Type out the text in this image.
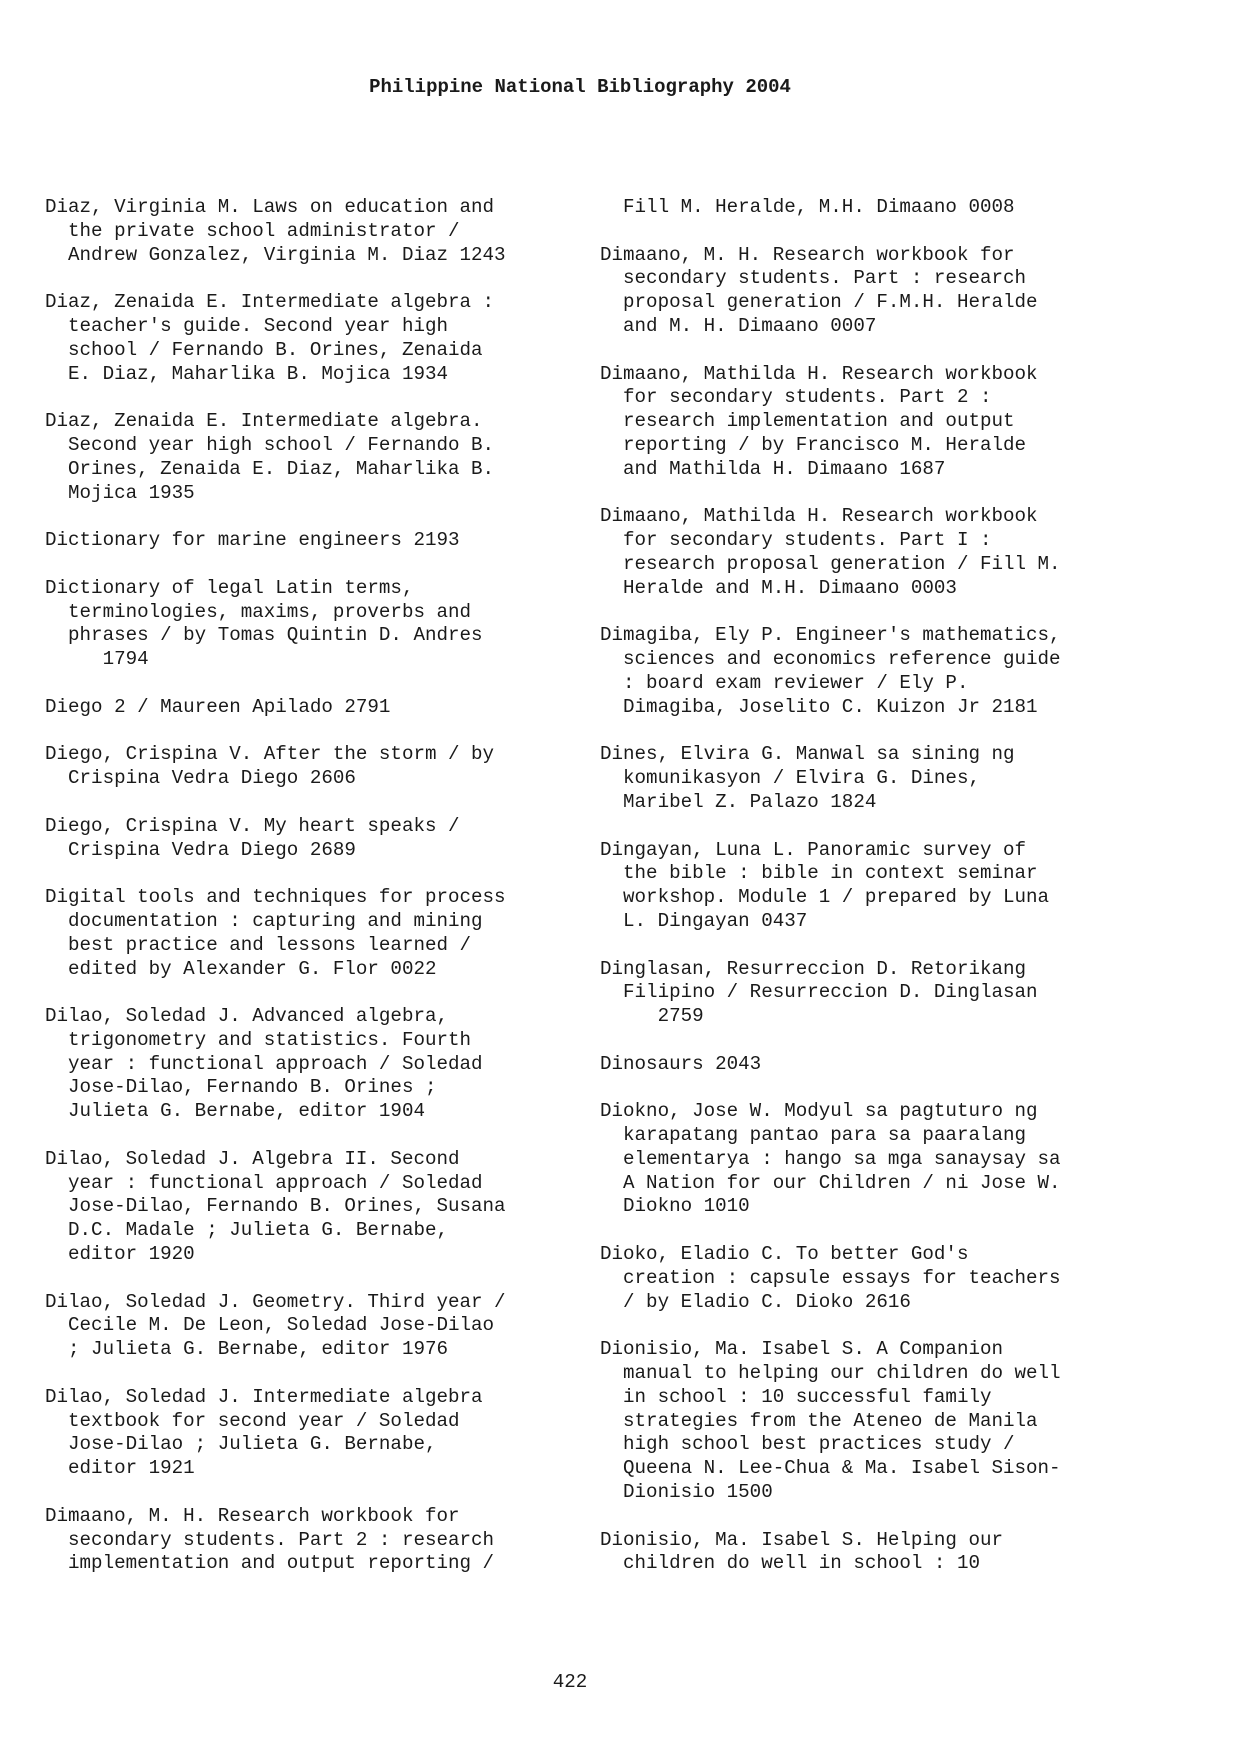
Philippine National Bibliography 2004

Diaz, Virginia M. Laws on education and
the private school administrator /
Andrew Gonzalez, Virginia M. Diaz 1243

Diaz, Zenaida E. Intermediate algebra :
teacher's guide. Second year high
school / Fernando B. Orines, Zenaida
E. Diaz, Maharlika B. Mojica 1934

Diaz, Zenaida E. Intermediate algebra.
Second year high school / Fernando B.
Orines, Zenaida E. Diaz, Maharlika B.
Mojica 1935

Dictionary for marine engineers 2193

Dictionary of legal Latin terms,
terminologies, maxims, proverbs and
phrases / by Tomas Quintin D. Andres
1794

Diego 2 / Maureen Apilado 2791

Diego, Crispina V. After the storm / by
Crispina Vedra Diego 2606

Diego, Crispina V. My heart speaks /
Crispina Vedra Diego 2689

Digital tools and techniques for process
documentation : capturing and mining
best practice and lessons learned /
edited by Alexander G. Flor 0022

Dilao, Soledad J. Advanced algebra,
trigonometry and statistics. Fourth
year : functional approach / Soledad
Jose-Dilao, Fernando B. Orines ;
Julieta G. Bernabe, editor 1904

Dilao, Soledad J. Algebra II. Second
year : functional approach / Soledad
Jose-Dilao, Fernando B. Orines, Susana
D.C. Madale ; Julieta G. Bernabe,
editor 1920

Dilao, Soledad J. Geometry. Third year /
Cecile M. De Leon, Soledad Jose-Dilao
; Julieta G. Bernabe, editor 1976

Dilao, Soledad J. Intermediate algebra
textbook for second year / Soledad
Jose-Dilao ; Julieta G. Bernabe,
editor 1921

Dimaano, M. H. Research workbook for
secondary students. Part 2 : research
implementation and output reporting /

Fill M. Heralde, M.H. Dimaano 0008

Dimaano, M. H. Research workbook for
secondary students. Part : research
proposal generation / F.M.H. Heralde
and M. H. Dimaano 0007

Dimaano, Mathilda H. Research workbook
for secondary students. Part 2 :
research implementation and output
reporting / by Francisco M. Heralde
and Mathilda H. Dimaano 1687

Dimaano, Mathilda H. Research workbook
for secondary students. Part I :
research proposal generation / Fill M.
Heralde and M.H. Dimaano 0003

Dimagiba, Ely P. Engineer's mathematics,
sciences and economics reference guide
: board exam reviewer / Ely P.
Dimagiba, Joselito C. Kuizon Jr 2181

Dines, Elvira G. Manwal sa sining ng
komunikasyon / Elvira G. Dines,
Maribel Z. Palazo 1824

Dingayan, Luna L. Panoramic survey of
the bible : bible in context seminar
workshop. Module 1 / prepared by Luna
L. Dingayan 0437

Dinglasan, Resurreccion D. Retorikang
Filipino / Resurreccion D. Dinglasan
2759

Dinosaurs 2043

Diokno, Jose W. Modyul sa pagtuturo ng
karapatang pantao para sa paaralang
elementarya : hango sa mga sanaysay sa
A Nation for our Children / ni Jose W.
Diokno 1010

Dioko, Eladio C. To better God's
creation : capsule essays for teachers
/ by Eladio C. Dioko 2616

Dionisio, Ma. Isabel S. A Companion
manual to helping our children do well
in school : 10 successful family
strategies from the Ateneo de Manila
high school best practices study /
Queena N. Lee-Chua & Ma. Isabel Sison-
Dionisio 1500

Dionisio, Ma. Isabel S. Helping our
children do well in school : 10

422
